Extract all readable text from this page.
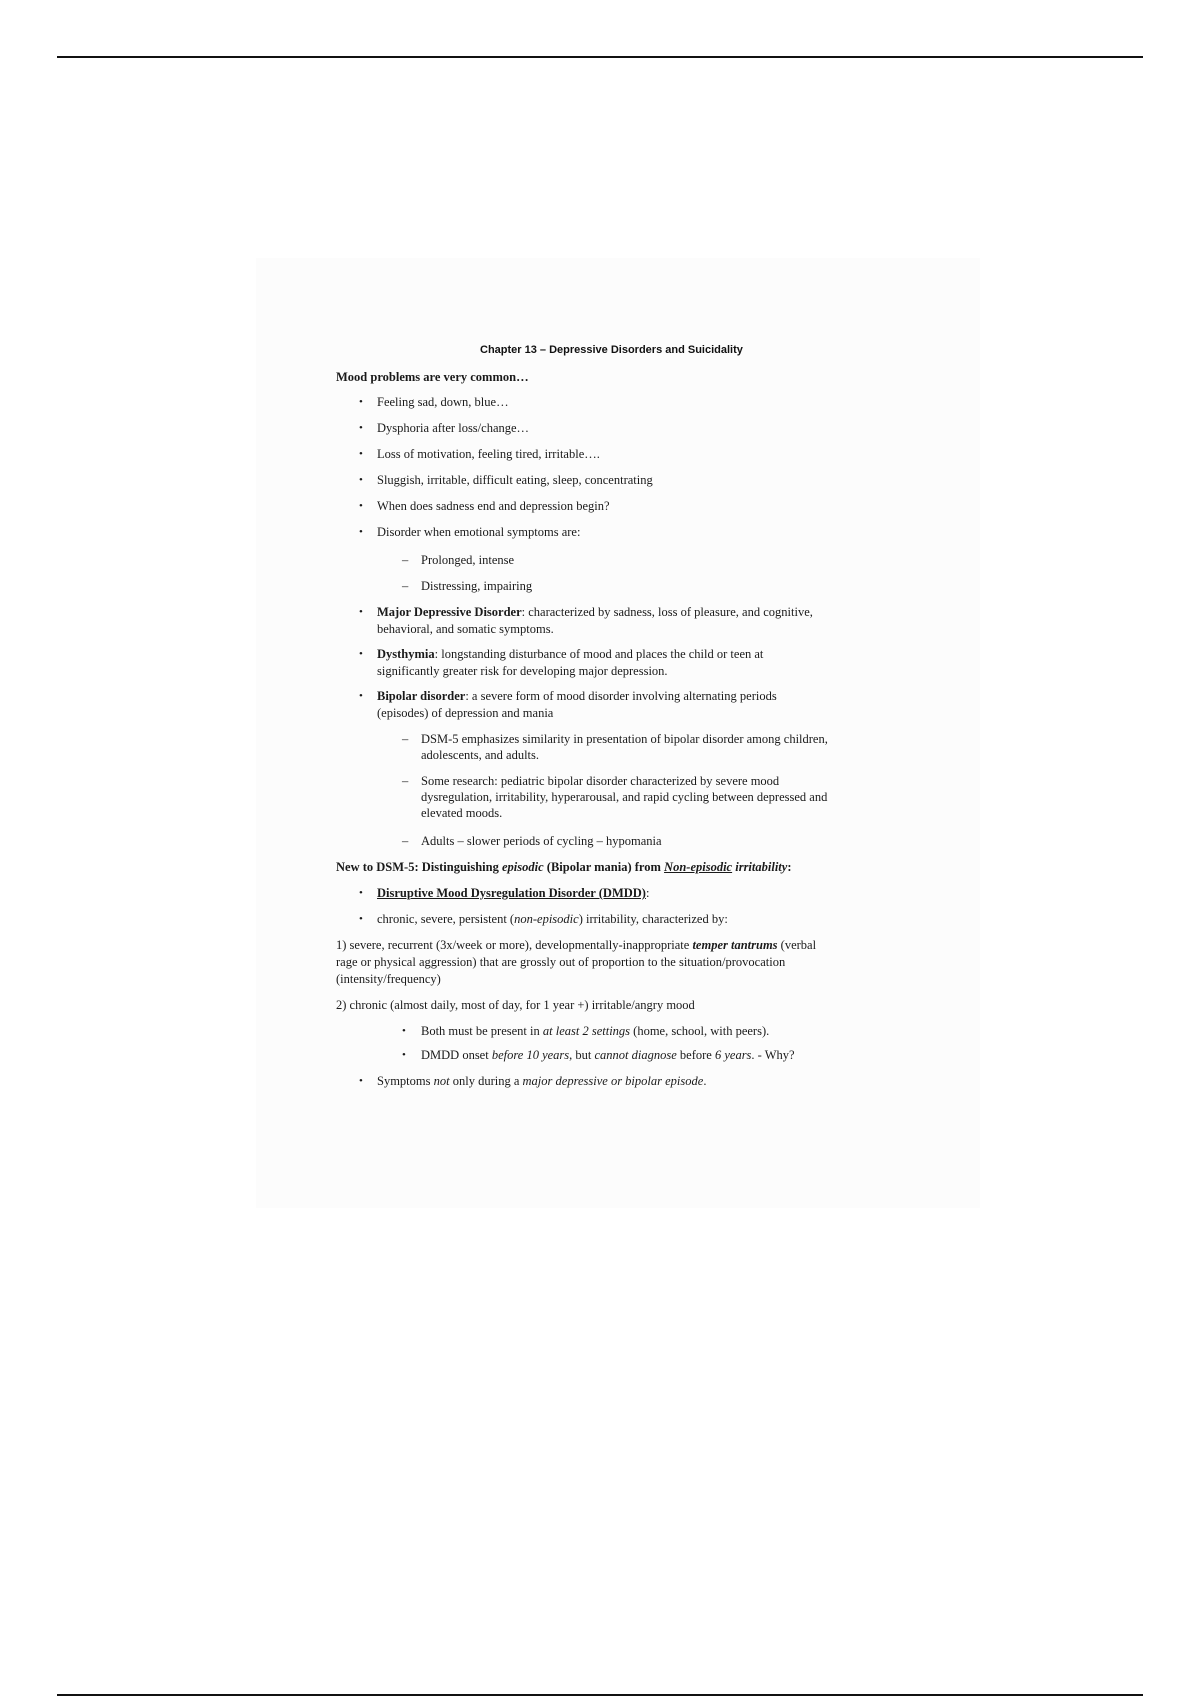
Chapter 13 – Depressive Disorders and Suicidality
Mood problems are very common…
• Feeling sad, down, blue…
• Dysphoria after loss/change…
• Loss of motivation, feeling tired, irritable….
• Sluggish, irritable, difficult eating, sleep, concentrating
• When does sadness end and depression begin?
• Disorder when emotional symptoms are:
– Prolonged, intense
– Distressing, impairing
• Major Depressive Disorder: characterized by sadness, loss of pleasure, and cognitive,
behavioral, and somatic symptoms.
• Dysthymia: longstanding disturbance of mood and places the child or teen at
significantly greater risk for developing major depression.
• Bipolar disorder: a severe form of mood disorder involving alternating periods
(episodes) of depression and mania
– DSM-5 emphasizes similarity in presentation of bipolar disorder among children,
adolescents, and adults.
– Some research: pediatric bipolar disorder characterized by severe mood
dysregulation, irritability, hyperarousal, and rapid cycling between depressed and
elevated moods.
– Adults – slower periods of cycling – hypomania
New to DSM-5: Distinguishing episodic (Bipolar mania) from Non-episodic irritability:
• Disruptive Mood Dysregulation Disorder (DMDD):
• chronic, severe, persistent (non-episodic) irritability, characterized by:
1) severe, recurrent (3x/week or more), developmentally-inappropriate temper tantrums (verbal
rage or physical aggression) that are grossly out of proportion to the situation/provocation
(intensity/frequency)
2) chronic (almost daily, most of day, for 1 year +) irritable/angry mood
• Both must be present in at least 2 settings (home, school, with peers).
• DMDD onset before 10 years, but cannot diagnose before 6 years. - Why?
• Symptoms not only during a major depressive or bipolar episode.
